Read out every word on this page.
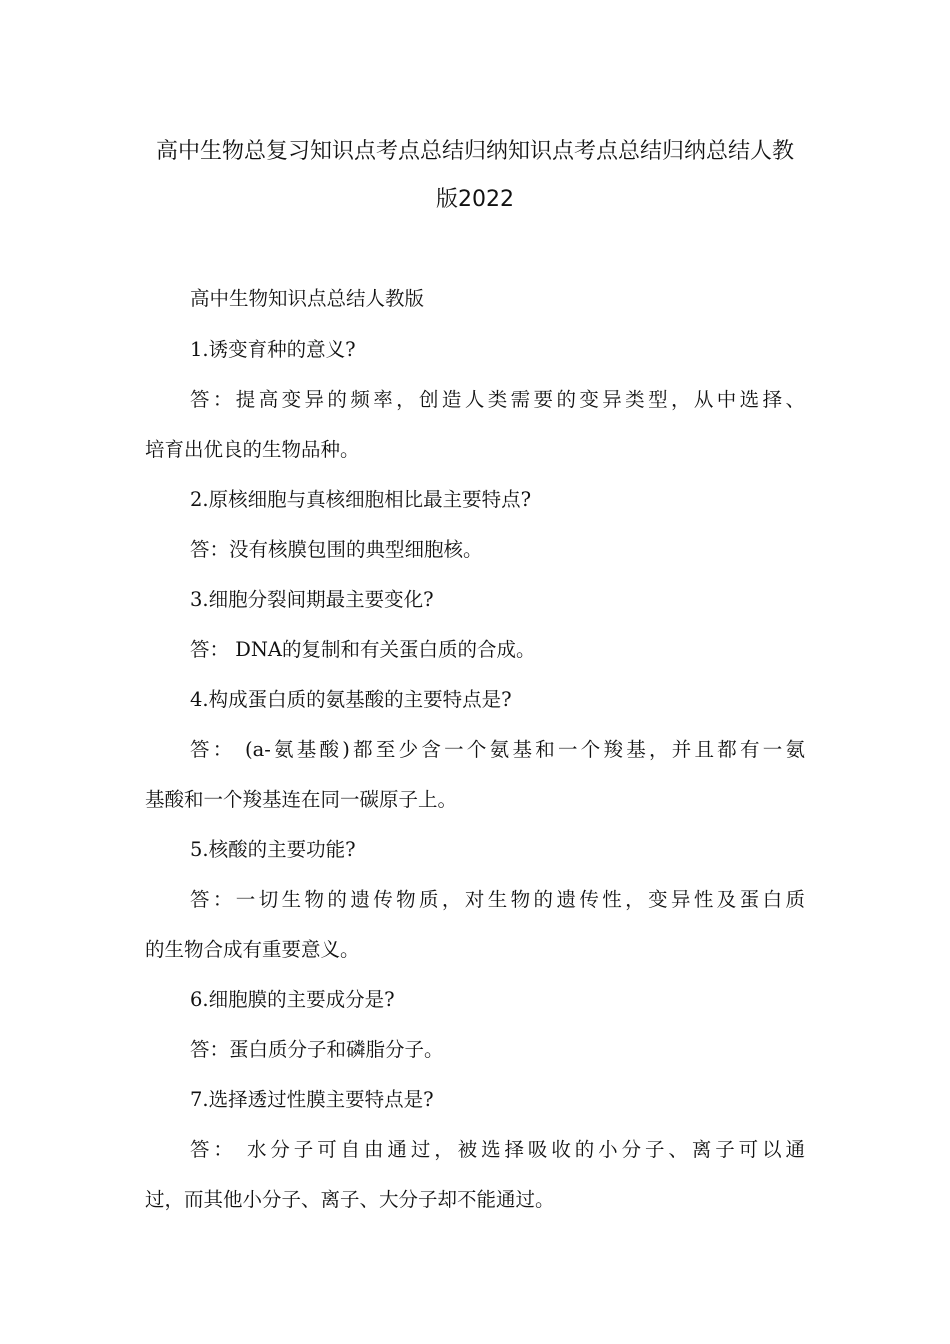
高中生物总复习知识点考点总结归纳知识点考点总结归纳总结人教
版2022
高中生物知识点总结人教版
1.诱变育种的意义?
答：提高变异的频率，创造人类需要的变异类型，从中选择、
培育出优良的生物品种。
2.原核细胞与真核细胞相比最主要特点?
答：没有核膜包围的典型细胞核。
3.细胞分裂间期最主要变化?
答： DNA的复制和有关蛋白质的合成。
4.构成蛋白质的氨基酸的主要特点是?
答： (a-氨基酸)都至少含一个氨基和一个羧基，并且都有一氨
基酸和一个羧基连在同一碳原子上。
5.核酸的主要功能?
答：一切生物的遗传物质，对生物的遗传性，变异性及蛋白质
的生物合成有重要意义。
6.细胞膜的主要成分是?
答：蛋白质分子和磷脂分子。
7.选择透过性膜主要特点是?
答： 水分子可自由通过，被选择吸收的小分子、离子可以通
过，而其他小分子、离子、大分子却不能通过。
